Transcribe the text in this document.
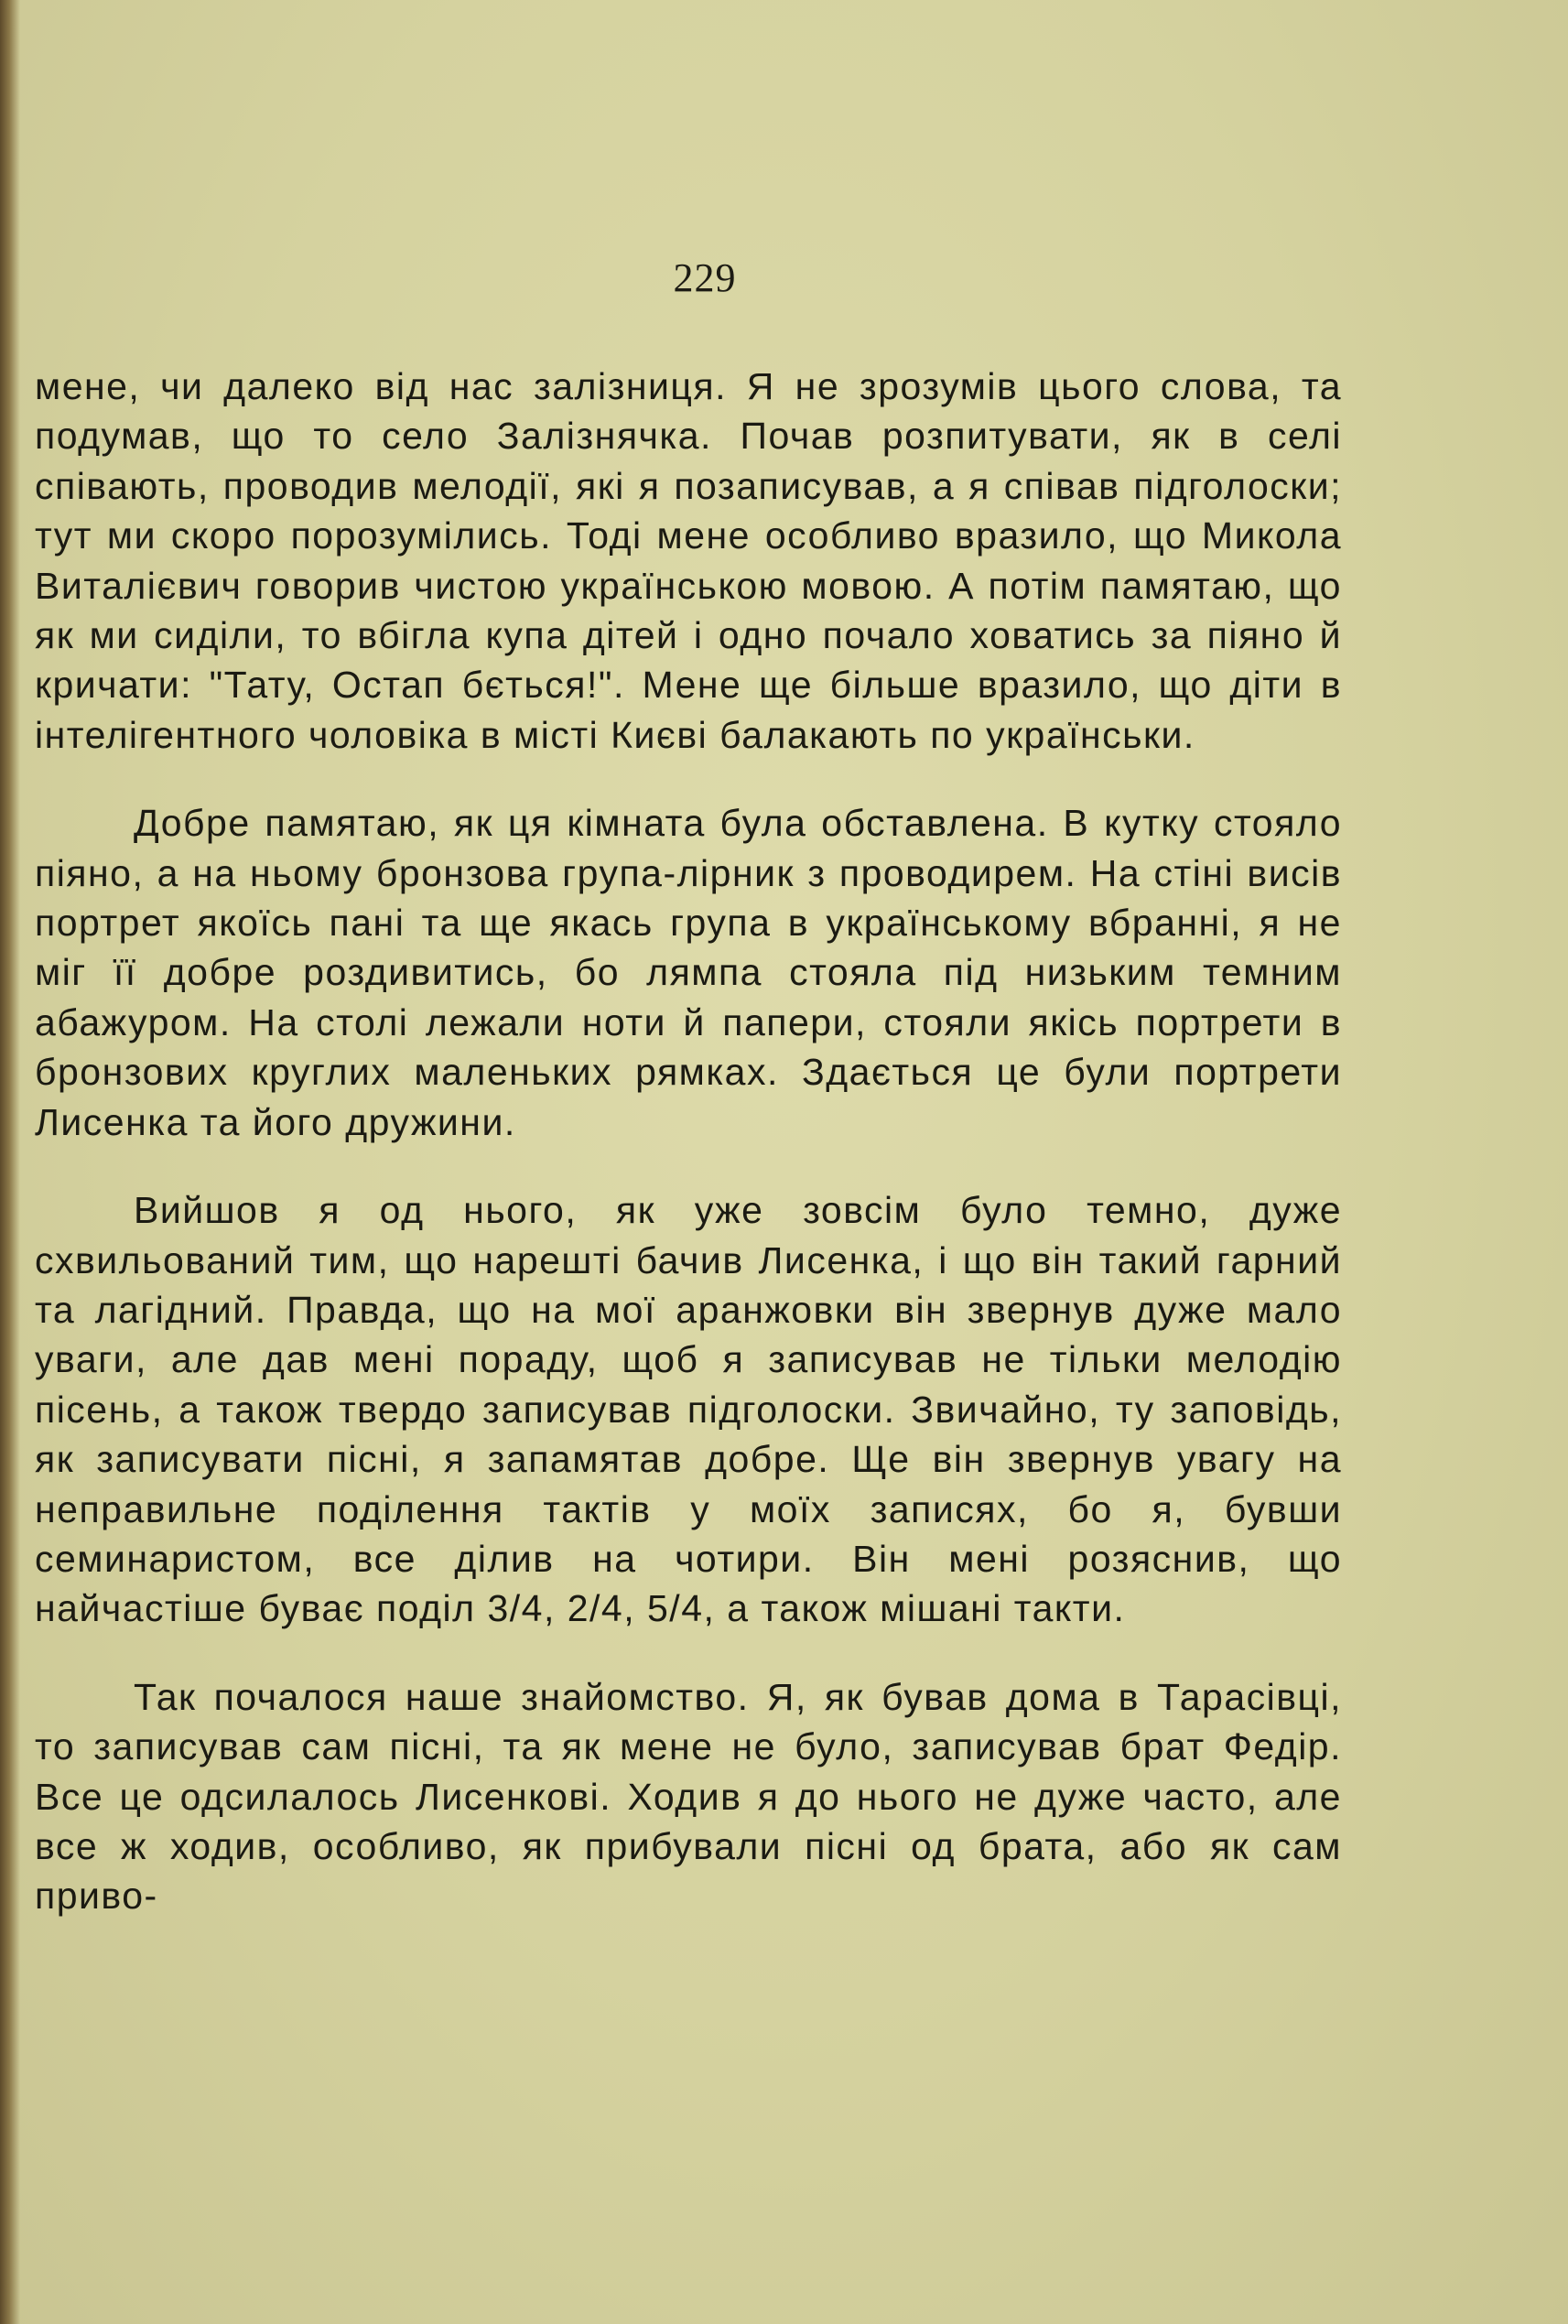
229

мене, чи далеко від нас залізниця. Я не зрозумів цього слова, та подумав, що то село Залізнячка. Почав розпитувати, як в селі співають, проводив мелодії, які я позаписував, а я співав підголоски; тут ми скоро порозумілись. Тоді мене особливо вразило, що Микола Виталієвич говорив чистою українською мовою. А потім памятаю, що як ми сиділи, то вбігла купа дітей і одно почало ховатись за піяно й кричати: "Тату, Остап бється!". Мене ще більше вразило, що діти в інтелігентного чоловіка в місті Києві балакають по українськи.

Добре памятаю, як ця кімната була обставлена. В кутку стояло піяно, а на ньому бронзова група-лірник з проводирем. На стіні висів портрет якоїсь пані та ще якась група в українському вбранні, я не міг її добре роздивитись, бо лямпа стояла під низьким темним абажуром. На столі лежали ноти й папери, стояли якісь портрети в бронзових круглих маленьких рямках. Здається це були портрети Лисенка та його дружини.

Вийшов я од нього, як уже зовсім було темно, дуже схвильований тим, що нарешті бачив Лисенка, і що він такий гарний та лагідний. Правда, що на мої аранжовки він звернув дуже мало уваги, але дав мені пораду, щоб я записував не тільки мелодію пісень, а також твердо записував підголоски. Звичайно, ту заповідь, як записувати пісні, я запамятав добре. Ще він звернув увагу на неправильне поділення тактів у моїх записях, бо я, бувши семинаристом, все ділив на чотири. Він мені розяснив, що найчастіше буває поділ 3/4, 2/4, 5/4, а також мішані такти.

Так почалося наше знайомство. Я, як бував дома в Тарасівці, то записував сам пісні, та як мене не було, записував брат Федір. Все це одсилалось Лисенкові. Ходив я до нього не дуже часто, але все ж ходив, особливо, як прибували пісні од брата, або як сам приво-
